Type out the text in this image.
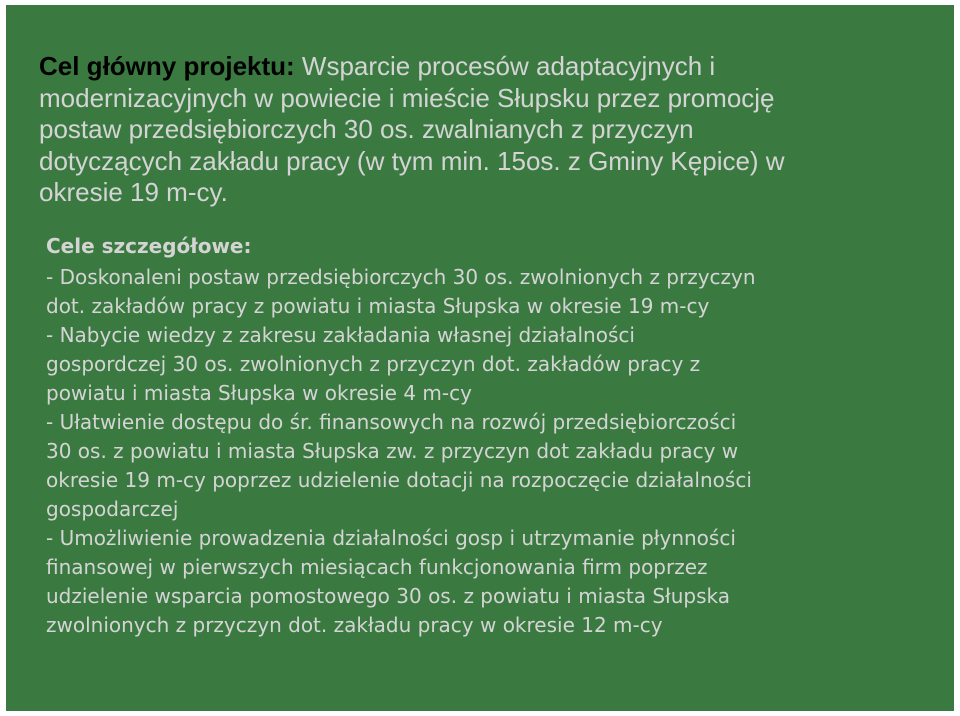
Cel główny projektu: Wsparcie procesów adaptacyjnych i
modernizacyjnych w powiecie i mieście Słupsku przez promocję
postaw przedsiębiorczych 30 os. zwalnianych z przyczyn
dotyczących zakładu pracy (w tym min. 15os. z Gminy Kępice) w
okresie 19 m-cy.

Cele szczegółowe:

- Doskonaleni postaw przedsiębiorczych 30 os. zwolnionych z przyczyn
dot. zakładów pracy z powiatu i miasta Słupska w okresie 19 m-cy
- Nabycie wiedzy z zakresu zakładania własnej działalności
gospordczej 30 os. zwolnionych z przyczyn dot. zakładów pracy z
powiatu i miasta Słupska w okresie 4 m-cy
- Ułatwienie dostępu do śr. finansowych na rozwój przedsiębiorczości
30 os. z powiatu i miasta Słupska zw. z przyczyn dot zakładu pracy w
okresie 19 m-cy poprzez udzielenie dotacji na rozpoczęcie działalności
gospodarczej
- Umożliwienie prowadzenia działalności gosp i utrzymanie płynności
finansowej w pierwszych miesiącach funkcjonowania firm poprzez
udzielenie wsparcia pomostowego 30 os. z powiatu i miasta Słupska
zwolnionych z przyczyn dot. zakładu pracy w okresie 12 m-cy
